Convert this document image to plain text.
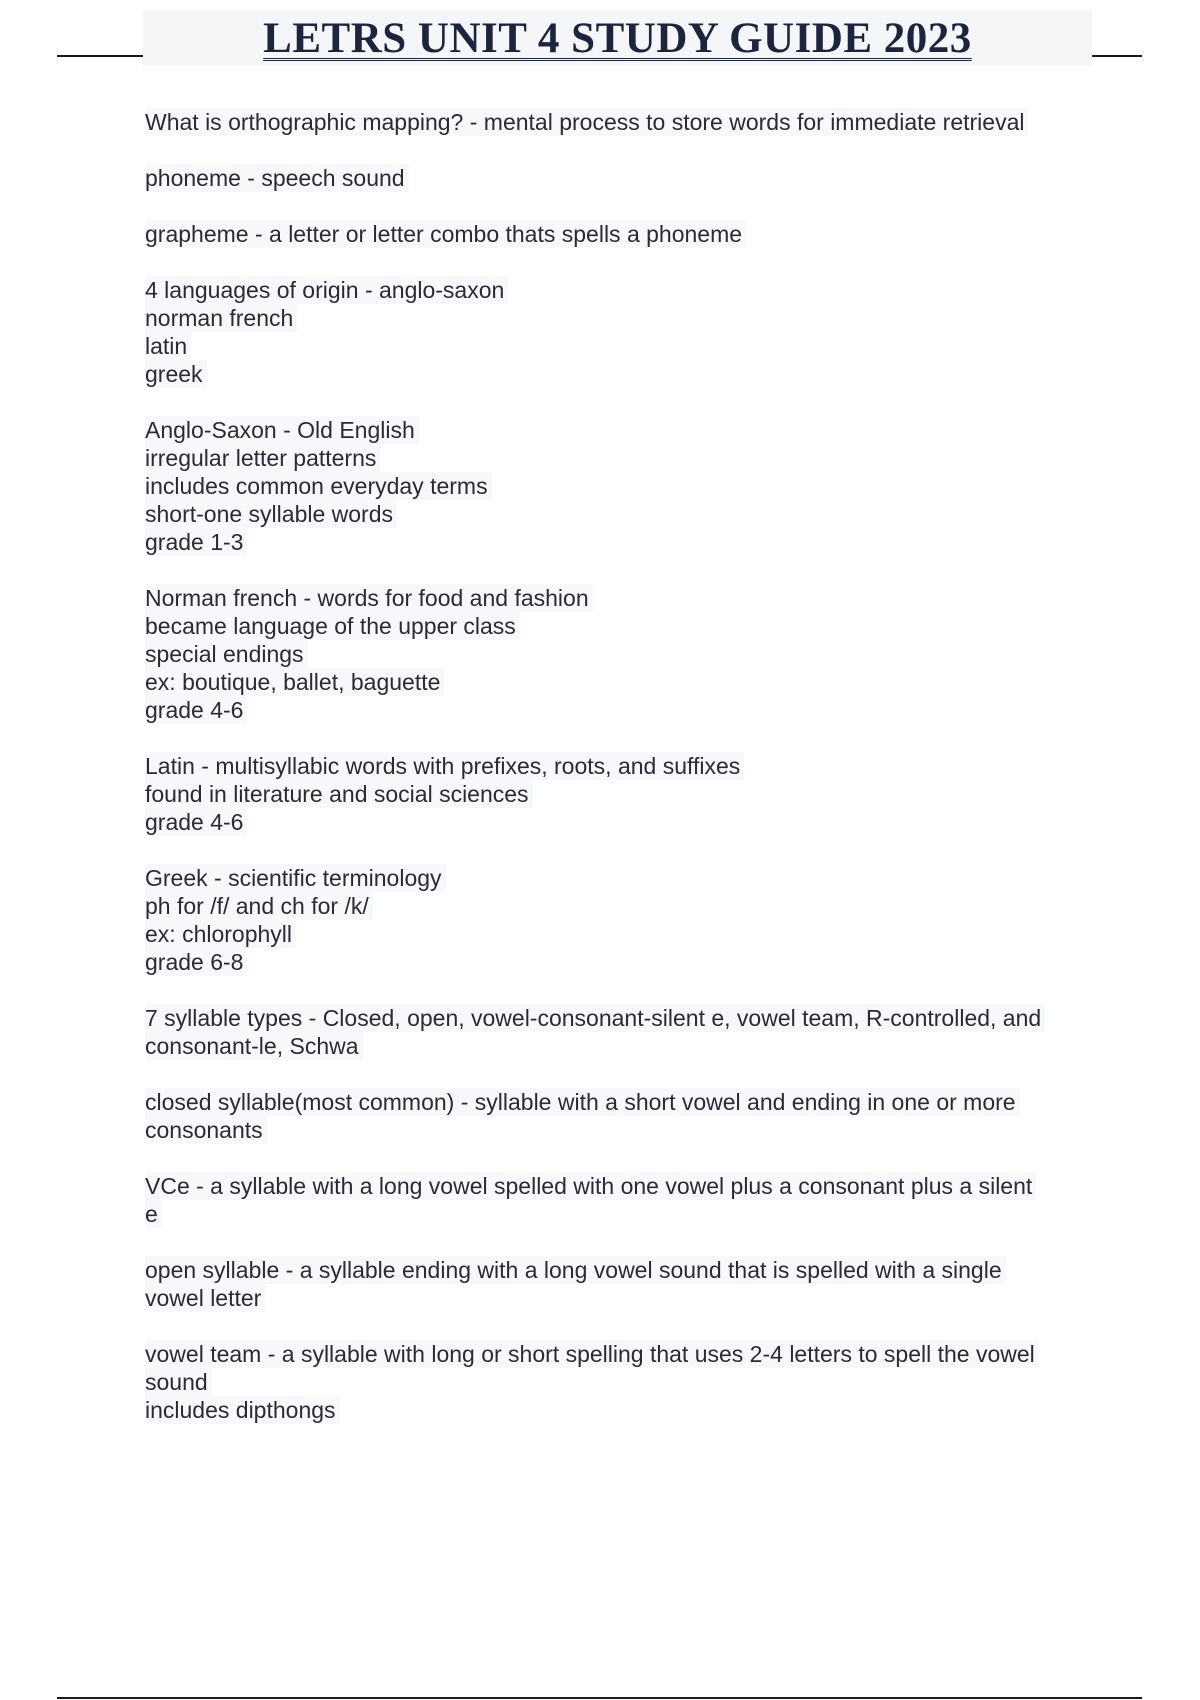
LETRS UNIT 4 STUDY GUIDE 2023
What is orthographic mapping? - mental process to store words for immediate retrieval
phoneme - speech sound
grapheme - a letter or letter combo thats spells a phoneme
4 languages of origin - anglo-saxon
norman french
latin
greek
Anglo-Saxon - Old English
irregular letter patterns
includes common everyday terms
short-one syllable words
grade 1-3
Norman french - words for food and fashion
became language of the upper class
special endings
ex: boutique, ballet, baguette
grade 4-6
Latin - multisyllabic words with prefixes, roots, and suffixes
found in literature and social sciences
grade 4-6
Greek - scientific terminology
ph for /f/ and ch for /k/
ex: chlorophyll
grade 6-8
7 syllable types - Closed, open, vowel-consonant-silent e, vowel team, R-controlled, and
consonant-le, Schwa
closed syllable(most common) - syllable with a short vowel and ending in one or more
consonants
VCe - a syllable with a long vowel spelled with one vowel plus a consonant plus a silent
e
open syllable - a syllable ending with a long vowel sound that is spelled with a single
vowel letter
vowel team - a syllable with long or short spelling that uses 2-4 letters to spell the vowel
sound
includes dipthongs
